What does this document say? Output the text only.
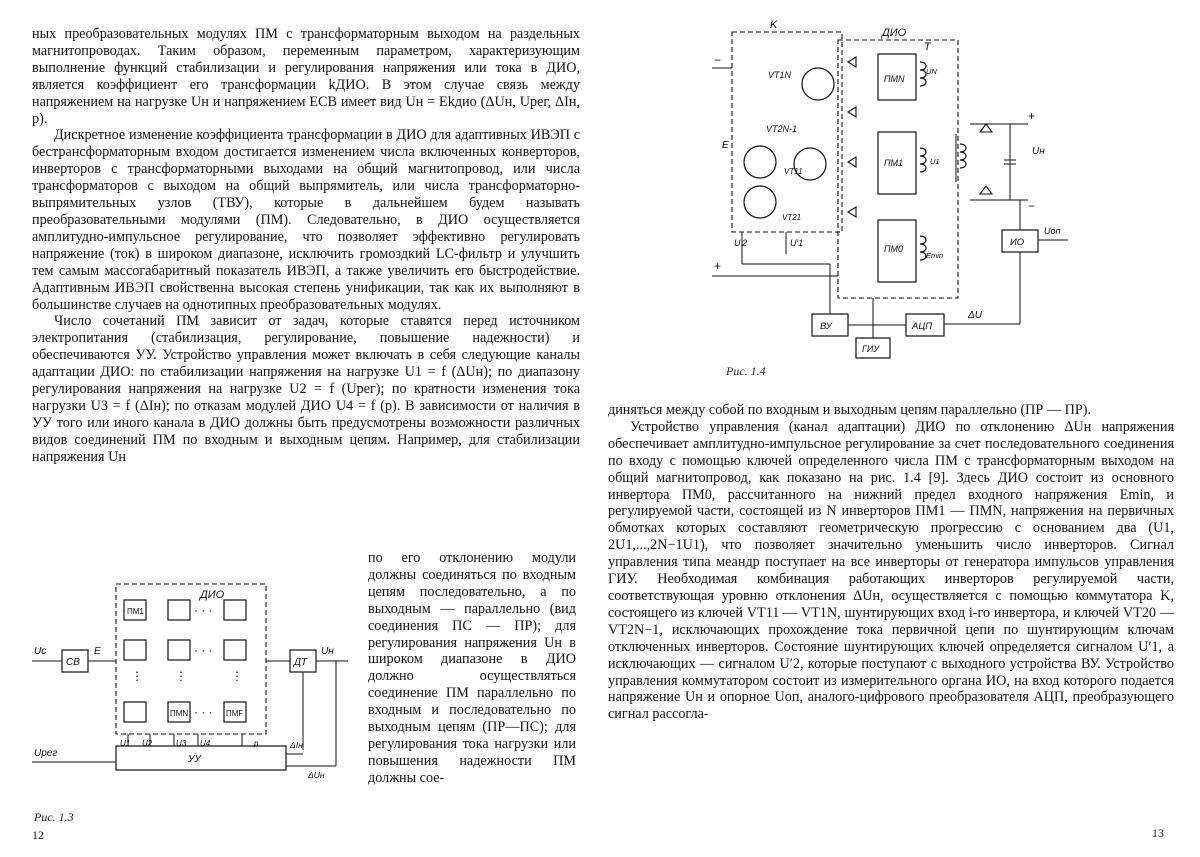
ных преобразовательных модулях ПМ с трансформаторным выходом на раздельных магнитопроводах. Таким образом, переменным параметром, характеризующим выполнение функций стабилизации и регулирования напряжения или тока в ДИО, является коэффициент его трансформации kДИО. В этом случае связь между напряжением на нагрузке Uн и напряжением ЕСВ имеет вид Uн = Ekдио (ΔUн, Uрег, ΔIн, p).

Дискретное изменение коэффициента трансформации в ДИО для адаптивных ИВЭП с бестрансформаторным входом достигается изменением числа включенных конверторов, инверторов с трансформаторными выходами на общий магнитопровод, или числа трансформаторов с выходом на общий выпрямитель, или числа трансформаторно-выпрямительных узлов (ТВУ), которые в дальнейшем будем называть преобразовательными модулями (ПМ). Следовательно, в ДИО осуществляется амплитудно-импульсное регулирование, что позволяет эффективно регулировать напряжение (ток) в широком диапазоне, исключить громоздкий LC-фильтр и улучшить тем самым массогабаритный показатель ИВЭП, а также увеличить его быстродействие. Адаптивным ИВЭП свойственна высокая степень унификации, так как их выполняют в большинстве случаев на однотипных преобразовательных модулях.

Число сочетаний ПМ зависит от задач, которые ставятся перед источником электропитания (стабилизация, регулирование, повышение надежности) и обеспечиваются УУ. Устройство управления может включать в себя следующие каналы адаптации ДИО: по стабилизации напряжения на нагрузке U1 = f (ΔUн); по диапазону регулирования напряжения на нагрузке U2 = f (Uрег); по кратности изменения тока нагрузки U3 = f (ΔIн); по отказам модулей ДИО U4 = f (p). В зависимости от наличия в УУ того или иного канала в ДИО должны быть предусмотрены возможности различных видов соединений ПМ по входным и выходным цепям. Например, для стабилизации напряжения Uн

по его отклонению модули должны соединяться по входным цепям последовательно, а по выходным — параллельно (вид соединения ПС — ПР); для регулирования напряжения Uн в широком диапазоне в ДИО должно осуществляться соединение ПМ параллельно по входным и последовательно по выходным цепям (ПР—ПС); для регулирования тока нагрузки или повышения надежности ПМ должны сое-

ДИО
ПМ1	· · ·
· · ·
⋮	⋮	⋮
ПМN · · · ПМF
СВ
Uс	E
ДТ
Uн
УУ
Uрег
ΔIн
ΔUн
U1 U2	U3 U4	p
Рис. 1.3
12
K
ДИО
T
VT1N
VT2N-1
VT11
VT21
−
E
+
ПМN
ПМ1
ПМ0
UN
U1
Emin
+
−
Uн
ИО
Uоп
ВУ	АЦП
ГИУ
ΔU
U′2	U′1
Рис. 1.4

диняться между собой по входным и выходным цепям параллельно (ПР — ПР).

Устройство управления (канал адаптации) ДИО по отклонению ΔUн напряжения обеспечивает амплитудно-импульсное регулирование за счет последовательного соединения по входу с помощью ключей определенного числа ПМ с трансформаторным выходом на общий магнитопровод, как показано на рис. 1.4 [9]. Здесь ДИО состоит из основного инвертора ПМ0, рассчитанного на нижний предел входного напряжения Emin, и регулируемой части, состоящей из N инверторов ПМ1 — ПМN, напряжения на первичных обмотках которых составляют геометрическую прогрессию с основанием два (U1, 2U1,...,2N−1U1), что позволяет значительно уменьшить число инверторов. Сигнал управления типа меандр поступает на все инверторы от генератора импульсов управления ГИУ. Необходимая комбинация работающих инверторов регулируемой части, соответствующая уровню отклонения ΔUн, осуществляется с помощью коммутатора K, состоящего из ключей VT11 — VT1N, шунтирующих вход i-го инвертора, и ключей VT20 — VT2N−1, исключающих прохождение тока первичной цепи по шунтирующим ключам отключенных инверторов. Состояние шунтирующих ключей определяется сигналом U′1, а исключающих — сигналом U′2, которые поступают с выходного устройства ВУ. Устройство управления коммутатором состоит из измерительного органа ИО, на вход которого подается напряжение Uн и опорное Uоп, аналого-цифрового преобразователя АЦП, преобразующего сигнал рассогла-

13
